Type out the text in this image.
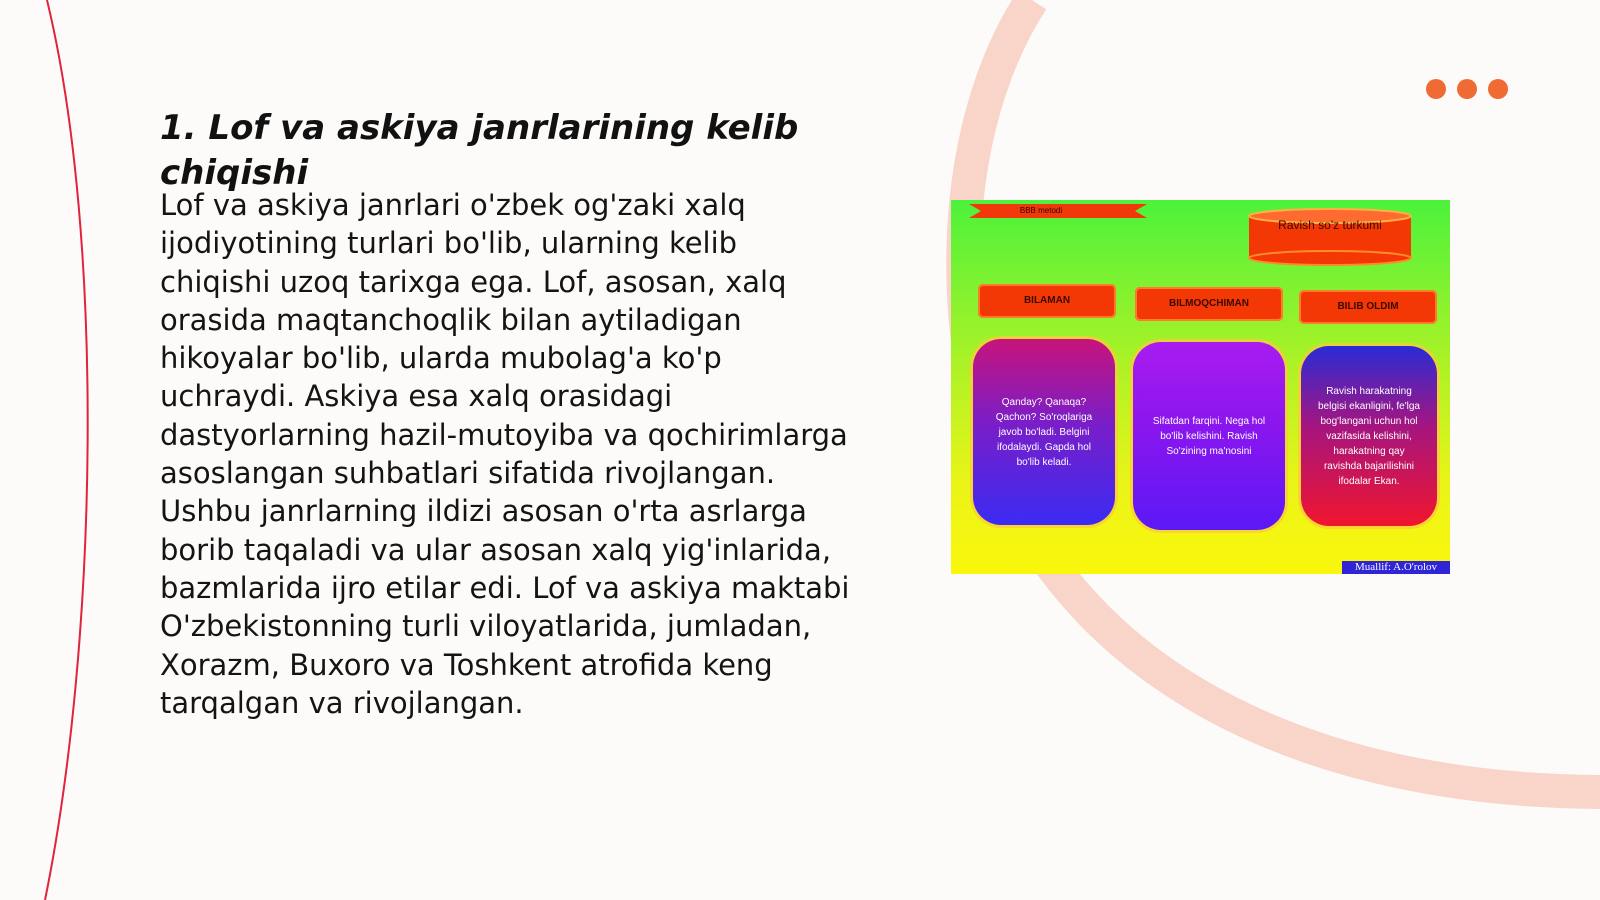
1. Lof va askiya janrlarining kelib chiqishi

Lof va askiya janrlari o'zbek og'zaki xalq ijodiyotining turlari bo'lib, ularning kelib chiqishi uzoq tarixga ega. Lof, asosan, xalq orasida maqtanchoqlik bilan aytiladigan hikoyalar bo'lib, ularda mubolag'a ko'p uchraydi. Askiya esa xalq orasidagi dastyorlarning hazil-mutoyiba va qochirimlarga asoslangan suhbatlari sifatida rivojlangan. Ushbu janrlarning ildizi asosan o'rta asrlarga borib taqaladi va ular asosan xalq yig'inlarida, bazmlarida ijro etilar edi. Lof va askiya maktabi O'zbekistonning turli viloyatlarida, jumladan, Xorazm, Buxoro va Toshkent atrofida keng tarqalgan va rivojlangan.

BBB metodi
Ravish so'z turkumi
BILAMAN	BILMOQCHIMAN	BILIB OLDIM
Qanday? Qanaqa? Qachon? So'roqlariga javob bo'ladi. Belgini ifodalaydi. Gapda hol bo'lib keladi.
Sifatdan farqini. Nega hol bo'lib kelishini. Ravish So'zining ma'nosini
Ravish harakatning belgisi ekanligini, fe'lga bog'langani uchun hol vazifasida kelishini, harakatning qay ravishda bajarilishini ifodalar Ekan.
Muallif: A.O'rolov
